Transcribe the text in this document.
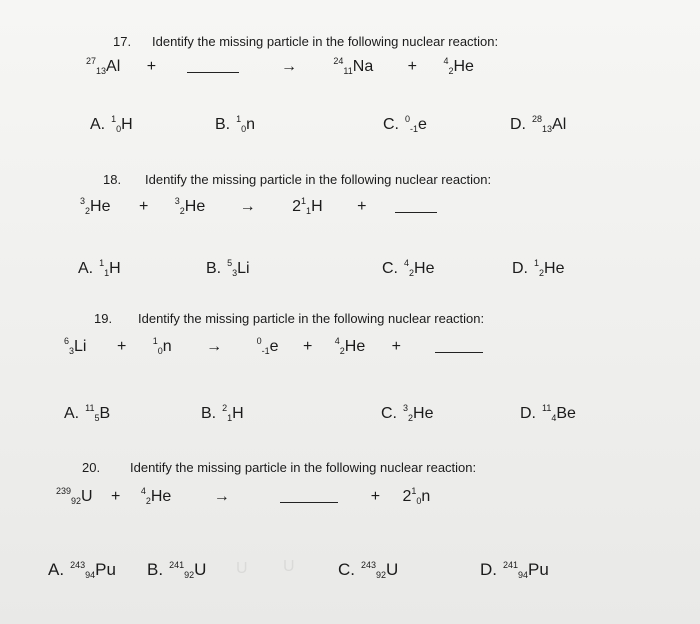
17. Identify the missing particle in the following nuclear reaction:
$^{27}_{13}$Al +	→	$^{24}_{11}$Na +	$^4_2$He
A. $^1_0$H	B. $^1_0$n	C. $^0_{-1}$e	D. $^{28}_{13}$Al
18. Identify the missing particle in the following nuclear reaction:
$^3_2$He +	$^3_2He \to 2^1_1H$ +
A. $^1_1$H	B. $^5_3$Li	C. $^4_2$He	D. $^1_2$He
19. Identify the missing particle in the following nuclear reaction:
$^6_3$Li +	$^1_0$n →	$^0_{-1}$e + $^4_2$He +
A. $^{11}_5$B	B. $^2_1$H	C. $^3_2$He	D. $^{11}_4$Be
20. Identify the missing particle in the following nuclear reaction:
$^{239}_{92}$U + $^4_2$He →	+ $2^1_0n$
A. $^{243}_{94}$Pu B. $^{241}_{92}$U U U	C. $^{243}_{92}$U	D. $^{241}_{94}$Pu
